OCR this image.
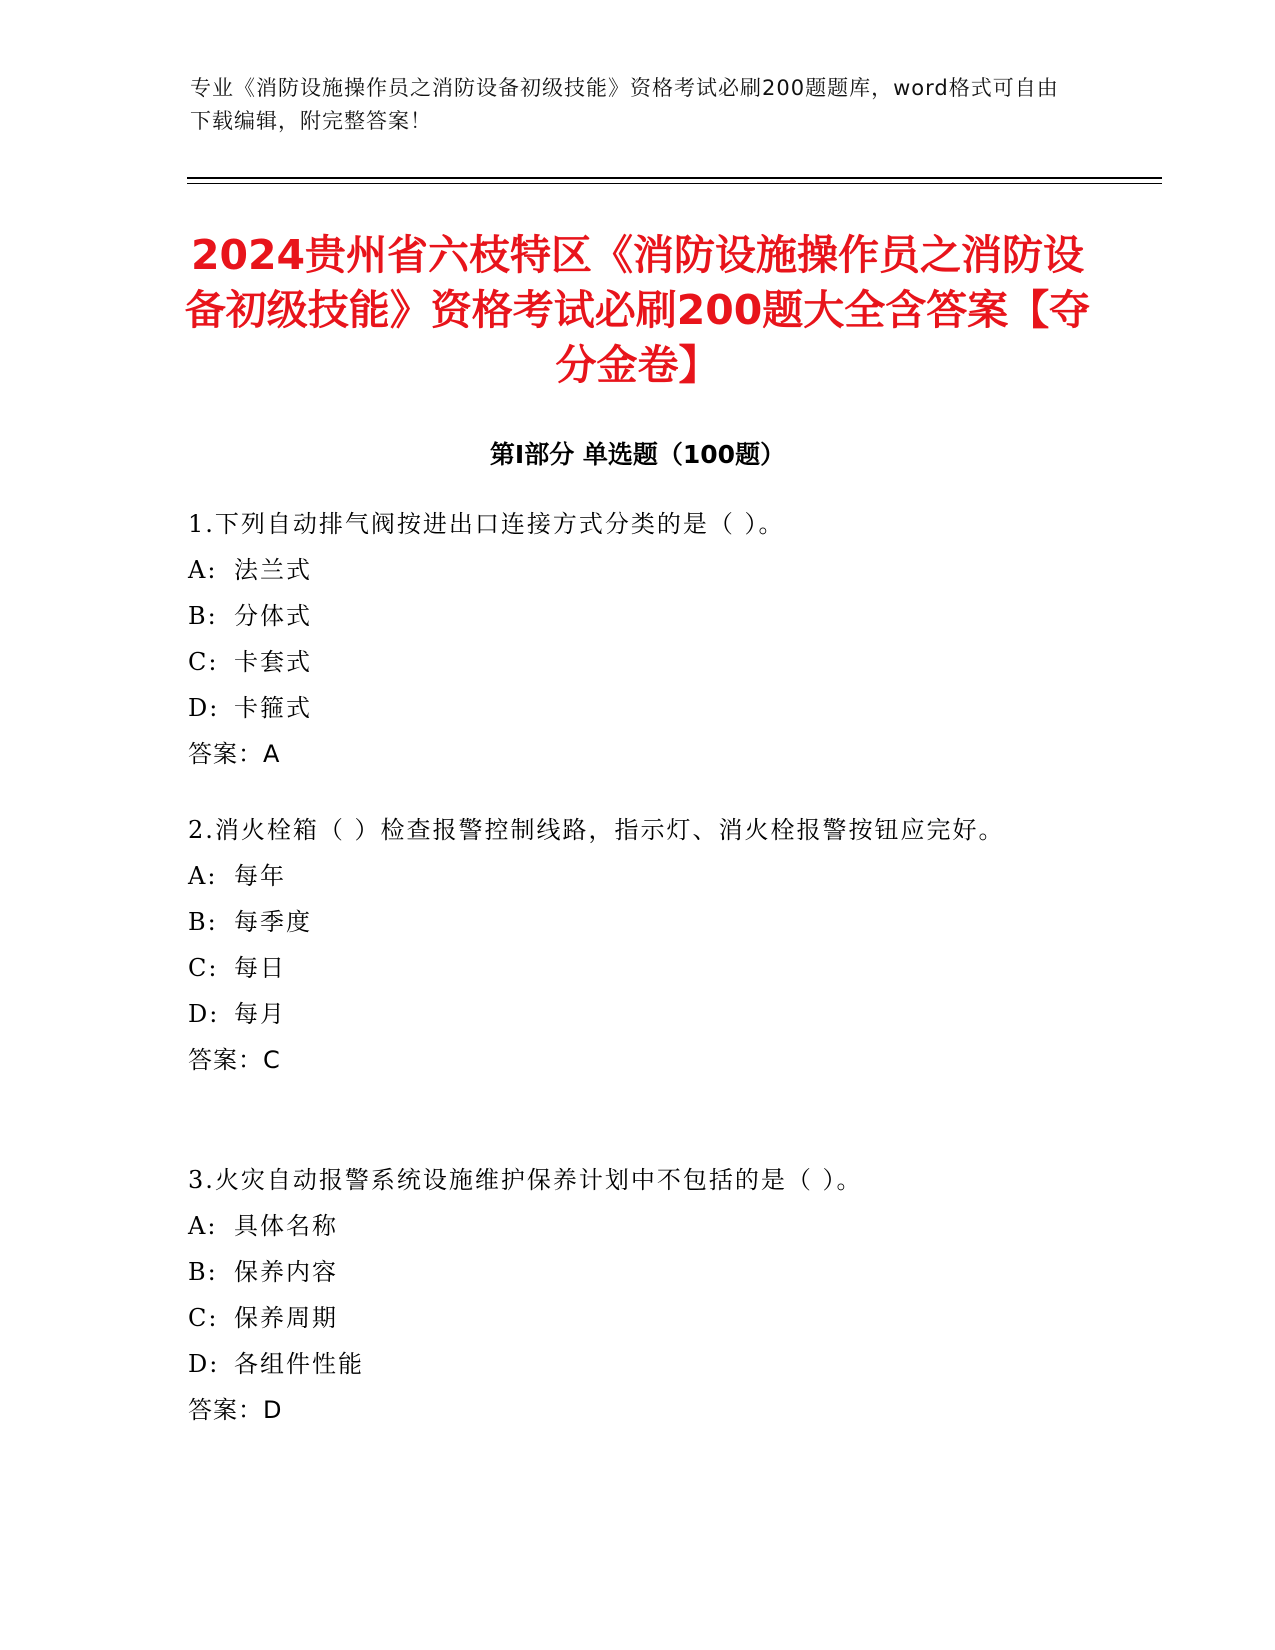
专业《消防设施操作员之消防设备初级技能》资格考试必刷200题题库，word格式可自由下载编辑，附完整答案！

2024贵州省六枝特区《消防设施操作员之消防设备初级技能》资格考试必刷200题大全含答案【夺分金卷】
第Ⅰ部分 单选题（100题）

1.下列自动排气阀按进出口连接方式分类的是（ ）。

A: 法兰式

B: 分体式

C: 卡套式

D: 卡箍式

答案：A

2.消火栓箱（ ）检查报警控制线路，指示灯、消火栓报警按钮应完好。

A: 每年

B: 每季度

C: 每日

D: 每月

答案：C

3.火灾自动报警系统设施维护保养计划中不包括的是（ ）。

A: 具体名称

B: 保养内容

C: 保养周期

D: 各组件性能

答案：D
